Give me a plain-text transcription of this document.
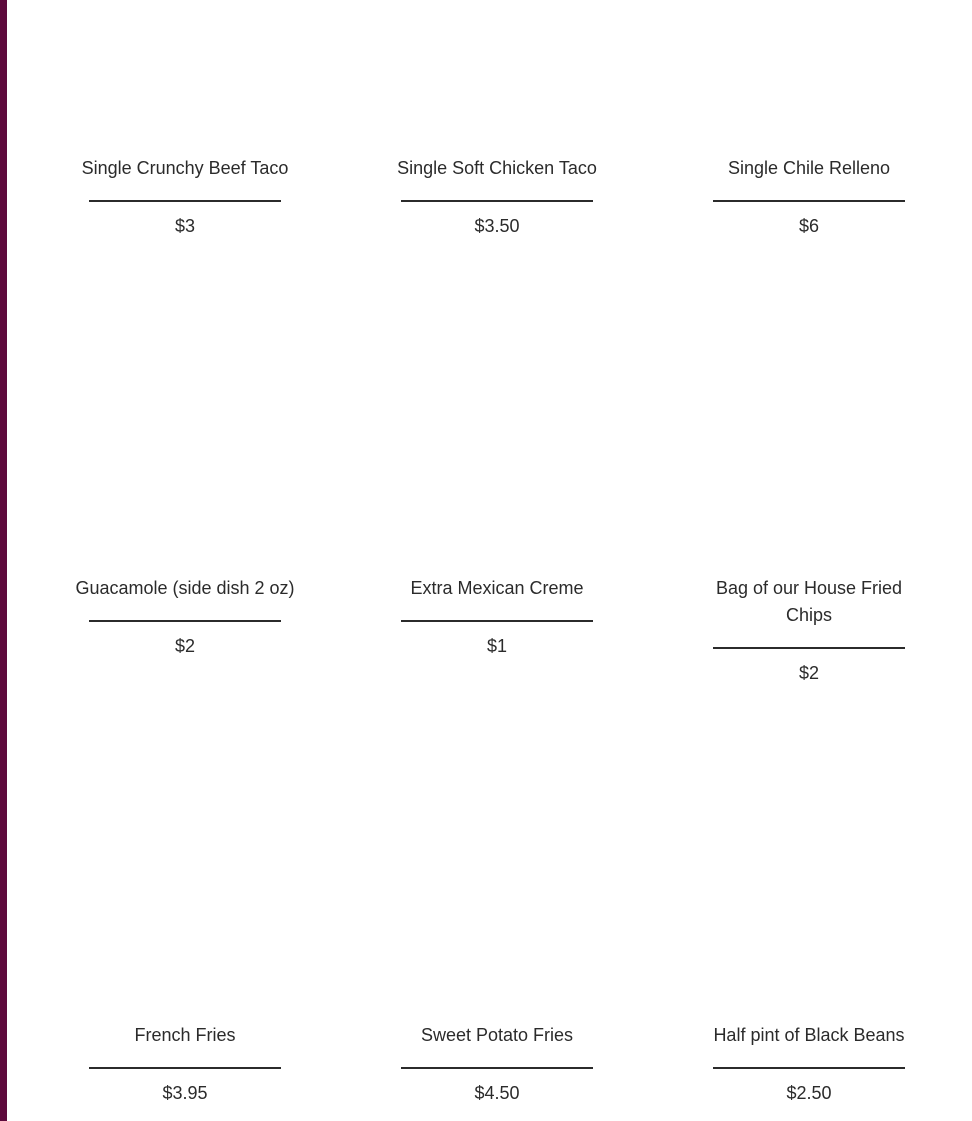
Single Crunchy Beef Taco
$3
Single Soft Chicken Taco
$3.50
Single Chile Relleno
$6
Guacamole (side dish 2 oz)
$2
Extra Mexican Creme
$1
Bag of our House Fried Chips
$2
French Fries
$3.95
Sweet Potato Fries
$4.50
Half pint of Black Beans
$2.50
